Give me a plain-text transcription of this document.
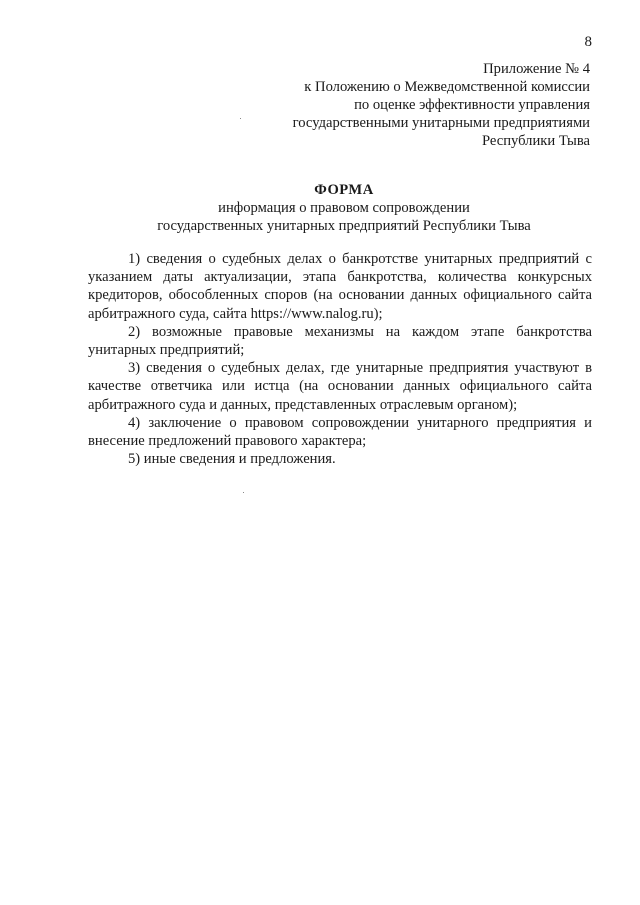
8
Приложение № 4
к Положению о Межведомственной комиссии
по оценке эффективности управления
государственными унитарными предприятиями
Республики Тыва
ФОРМА
информация о правовом сопровождении
государственных унитарных предприятий Республики Тыва

1) сведения о судебных делах о банкротстве унитарных предприятий с указанием даты актуализации, этапа банкротства, количества конкурсных кредиторов, обособленных споров (на основании данных официального сайта арбитражного суда, сайта https://www.nalog.ru);

2) возможные правовые механизмы на каждом этапе банкротства унитарных предприятий;

3) сведения о судебных делах, где унитарные предприятия участвуют в качестве ответчика или истца (на основании данных официального сайта арбитражного суда и данных, представленных отраслевым органом);

4) заключение о правовом сопровождении унитарного предприятия и внесение предложений правового характера;

5) иные сведения и предложения.
